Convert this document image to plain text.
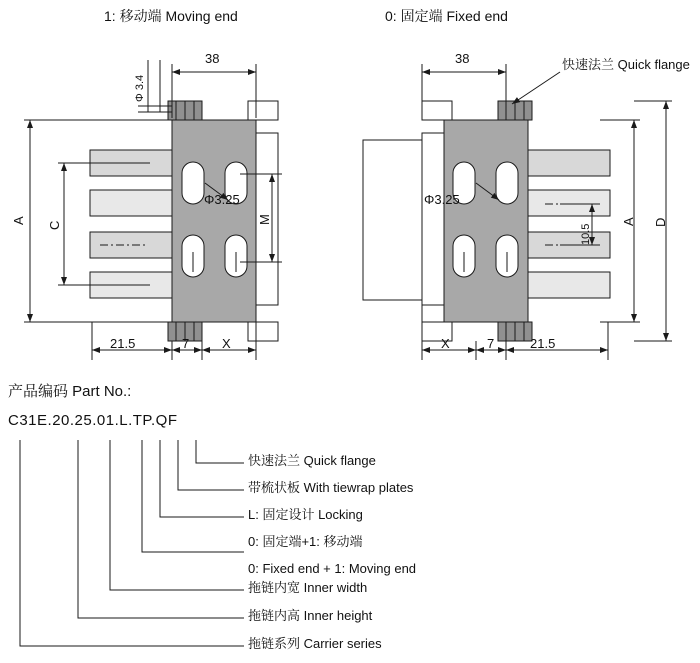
1: 移动端 Moving end	0: 固定端 Fixed end
快速法兰 Quick flange
Φ 3.4
38	38
Φ3.25	Φ3.25
A C
M	A D
10.5
21.5	7	X	X	7	21.5
产品编码 Part No.:
C31E.20.25.01.L.TP.QF
快速法兰 Quick flange
带梳状板 With tiewrap plates
L: 固定设计 Locking
0: 固定端+1: 移动端
0: Fixed end + 1: Moving end
拖链内宽 Inner width
拖链内高 Inner height
拖链系列 Carrier series
